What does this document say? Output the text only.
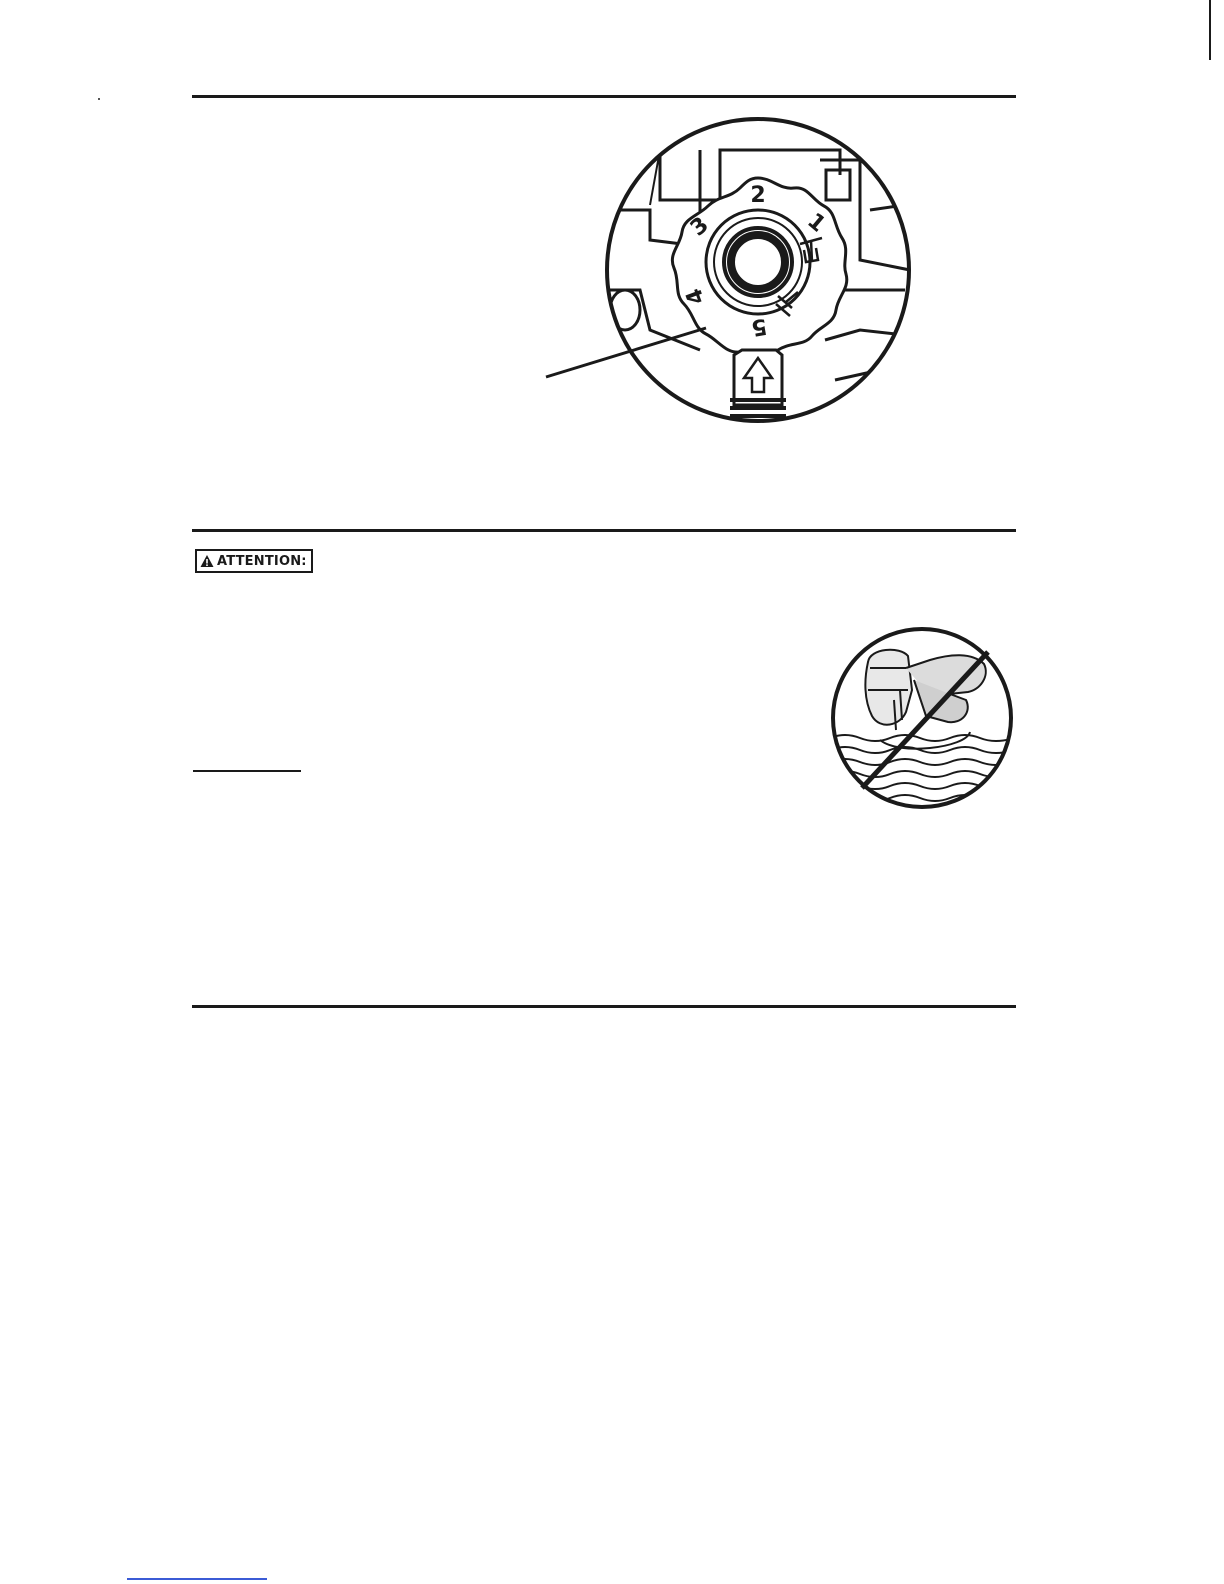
2
1
3
4
5
ATTENTION:
